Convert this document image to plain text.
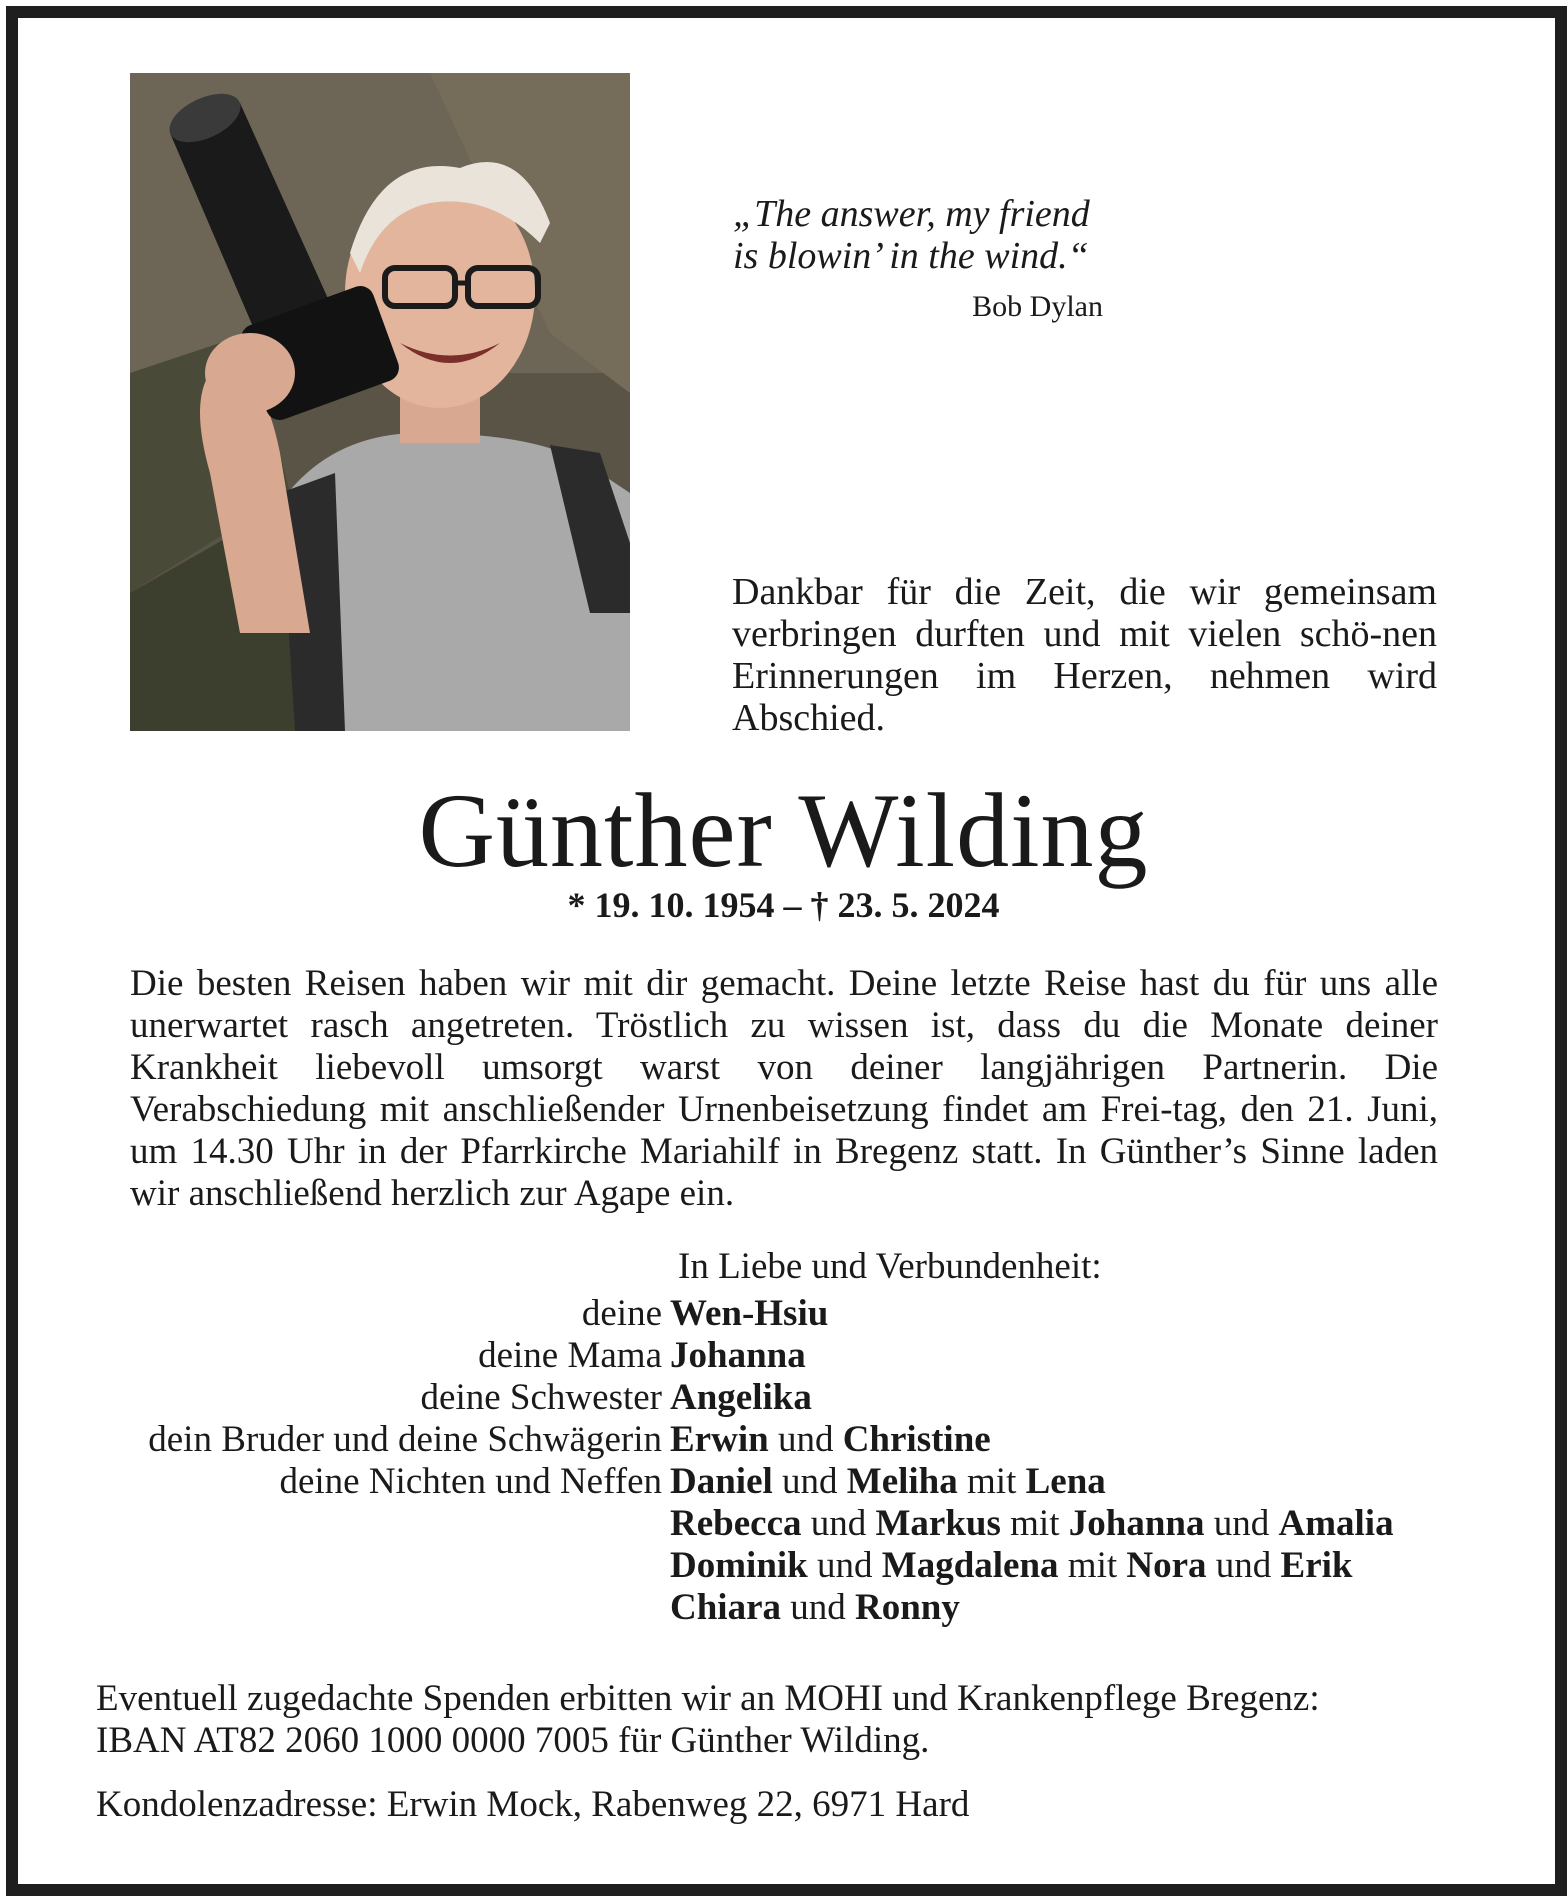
„The answer, my friend
is blowin’ in the wind.“
Bob Dylan
Dankbar für die Zeit, die wir gemeinsam verbringen durften und mit vielen schö-nen Erinnerungen im Herzen, nehmen wird Abschied.
Günther Wilding
* 19. 10. 1954 – † 23. 5. 2024
Die besten Reisen haben wir mit dir gemacht. Deine letzte Reise hast du für uns alle unerwartet rasch angetreten. Tröstlich zu wissen ist, dass du die Monate deiner Krankheit liebevoll umsorgt warst von deiner langjährigen Partnerin. Die Verabschiedung mit anschließender Urnenbeisetzung findet am Frei-tag, den 21. Juni, um 14.30 Uhr in der Pfarrkirche Mariahilf in Bregenz statt. In Günther’s Sinne laden wir anschließend herzlich zur Agape ein.
In Liebe und Verbundenheit:
deine Wen-Hsiu
deine Mama Johanna
deine Schwester Angelika
dein Bruder und deine Schwägerin Erwin und Christine
deine Nichten und Neffen Daniel und Meliha mit Lena
Rebecca und Markus mit Johanna und Amalia
Dominik und Magdalena mit Nora und Erik
Chiara und Ronny
Eventuell zugedachte Spenden erbitten wir an MOHI und Krankenpflege Bregenz:
IBAN AT82 2060 1000 0000 7005 für Günther Wilding.
Kondolenzadresse: Erwin Mock, Rabenweg 22, 6971 Hard
